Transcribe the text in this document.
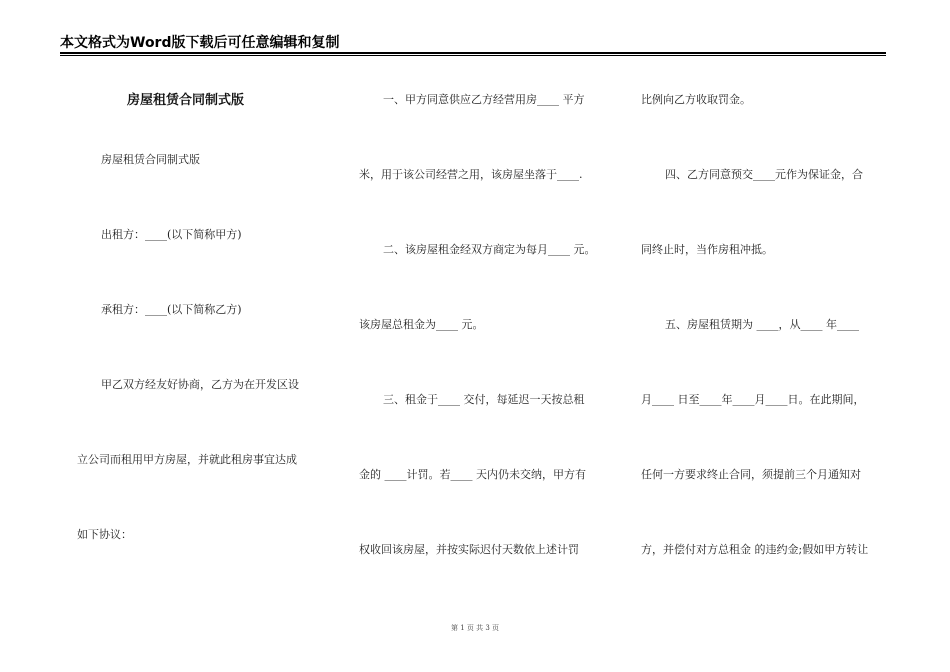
本文格式为Word版下载后可任意编辑和复制
房屋租赁合同制式版
房屋租赁合同制式版
出租方：____(以下简称甲方)
承租方：____(以下简称乙方)
甲乙双方经友好协商，乙方为在开发区设
立公司而租用甲方房屋，并就此租房事宜达成
如下协议：
一、甲方同意供应乙方经营用房____ 平方
米，用于该公司经营之用，该房屋坐落于____.
二、该房屋租金经双方商定为每月____ 元。
该房屋总租金为____ 元。
三、租金于____ 交付，每延迟一天按总租
金的 ____计罚。若____ 天内仍未交纳，甲方有
权收回该房屋，并按实际迟付天数依上述计罚
比例向乙方收取罚金。
四、乙方同意预交____元作为保证金，合
同终止时，当作房租冲抵。
五、房屋租赁期为 ____，从____ 年____
月____ 日至____年____月____日。在此期间，
任何一方要求终止合同，须提前三个月通知对
方，并偿付对方总租金 的违约金;假如甲方转让
第 1 页 共 3 页
